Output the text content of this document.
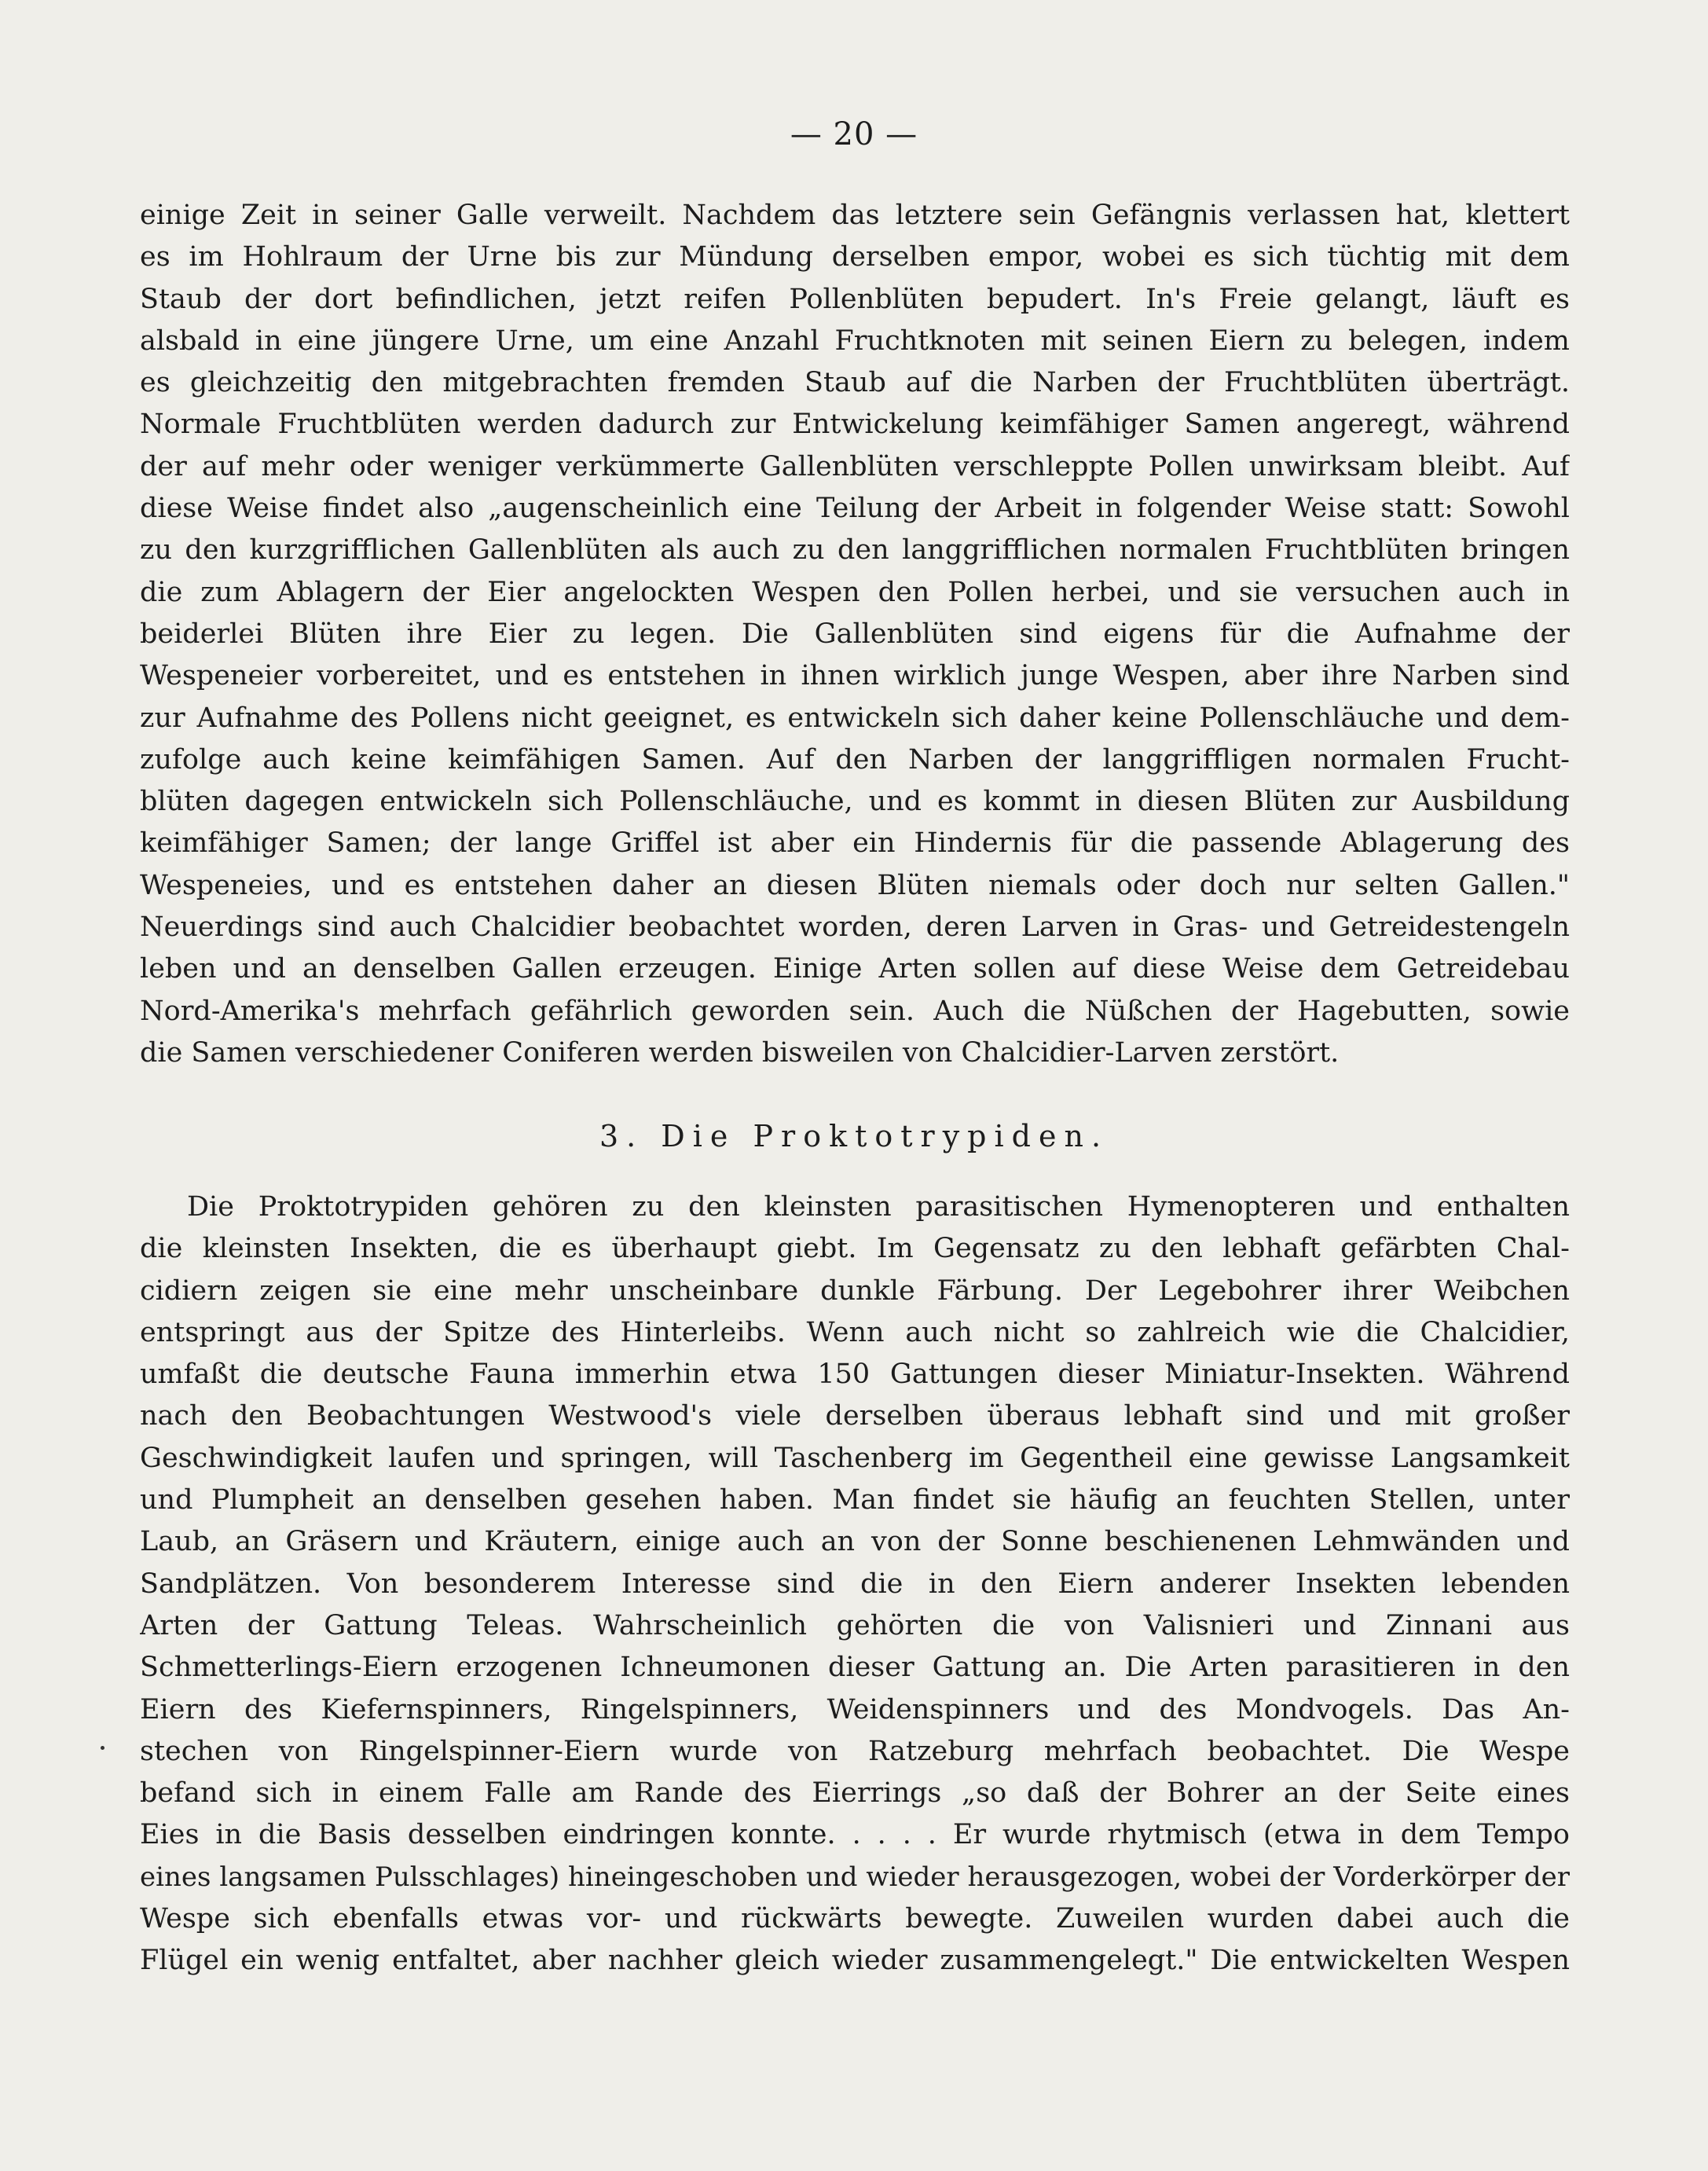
— 20 —
einige Zeit in seiner Galle verweilt. Nachdem das letztere sein Gefängnis verlassen hat, klettert
es im Hohlraum der Urne bis zur Mündung derselben empor, wobei es sich tüchtig mit dem
Staub der dort befindlichen, jetzt reifen Pollenblüten bepudert. In's Freie gelangt, läuft es
alsbald in eine jüngere Urne, um eine Anzahl Fruchtknoten mit seinen Eiern zu belegen, indem
es gleichzeitig den mitgebrachten fremden Staub auf die Narben der Fruchtblüten überträgt.
Normale Fruchtblüten werden dadurch zur Entwickelung keimfähiger Samen angeregt, während
der auf mehr oder weniger verkümmerte Gallenblüten verschleppte Pollen unwirksam bleibt. Auf
diese Weise findet also „augenscheinlich eine Teilung der Arbeit in folgender Weise statt: Sowohl
zu den kurzgrifflichen Gallenblüten als auch zu den langgrifflichen normalen Fruchtblüten bringen
die zum Ablagern der Eier angelockten Wespen den Pollen herbei, und sie versuchen auch in
beiderlei Blüten ihre Eier zu legen. Die Gallenblüten sind eigens für die Aufnahme der
Wespeneier vorbereitet, und es entstehen in ihnen wirklich junge Wespen, aber ihre Narben sind
zur Aufnahme des Pollens nicht geeignet, es entwickeln sich daher keine Pollenschläuche und dem-
zufolge auch keine keimfähigen Samen. Auf den Narben der langgriffligen normalen Frucht-
blüten dagegen entwickeln sich Pollenschläuche, und es kommt in diesen Blüten zur Ausbildung
keimfähiger Samen; der lange Griffel ist aber ein Hindernis für die passende Ablagerung des
Wespeneies, und es entstehen daher an diesen Blüten niemals oder doch nur selten Gallen."
Neuerdings sind auch Chalcidier beobachtet worden, deren Larven in Gras- und Getreidestengeln
leben und an denselben Gallen erzeugen. Einige Arten sollen auf diese Weise dem Getreidebau
Nord-Amerika's mehrfach gefährlich geworden sein. Auch die Nüßchen der Hagebutten, sowie
die Samen verschiedener Coniferen werden bisweilen von Chalcidier-Larven zerstört.
3. Die Proktotrypiden.
Die Proktotrypiden gehören zu den kleinsten parasitischen Hymenopteren und enthalten
die kleinsten Insekten, die es überhaupt giebt. Im Gegensatz zu den lebhaft gefärbten Chal-
cidiern zeigen sie eine mehr unscheinbare dunkle Färbung. Der Legebohrer ihrer Weibchen
entspringt aus der Spitze des Hinterleibs. Wenn auch nicht so zahlreich wie die Chalcidier,
umfaßt die deutsche Fauna immerhin etwa 150 Gattungen dieser Miniatur-Insekten. Während
nach den Beobachtungen Westwood's viele derselben überaus lebhaft sind und mit großer
Geschwindigkeit laufen und springen, will Taschenberg im Gegentheil eine gewisse Langsamkeit
und Plumpheit an denselben gesehen haben. Man findet sie häufig an feuchten Stellen, unter
Laub, an Gräsern und Kräutern, einige auch an von der Sonne beschienenen Lehmwänden und
Sandplätzen. Von besonderem Interesse sind die in den Eiern anderer Insekten lebenden
Arten der Gattung Teleas. Wahrscheinlich gehörten die von Valisnieri und Zinnani aus
Schmetterlings-Eiern erzogenen Ichneumonen dieser Gattung an. Die Arten parasitieren in den
Eiern des Kiefernspinners, Ringelspinners, Weidenspinners und des Mondvogels. Das An-
stechen von Ringelspinner-Eiern wurde von Ratzeburg mehrfach beobachtet. Die Wespe
befand sich in einem Falle am Rande des Eierrings „so daß der Bohrer an der Seite eines
Eies in die Basis desselben eindringen konnte. . . . . Er wurde rhytmisch (etwa in dem Tempo
eines langsamen Pulsschlages) hineingeschoben und wieder herausgezogen, wobei der Vorderkörper der
Wespe sich ebenfalls etwas vor- und rückwärts bewegte. Zuweilen wurden dabei auch die
Flügel ein wenig entfaltet, aber nachher gleich wieder zusammengelegt." Die entwickelten Wespen
